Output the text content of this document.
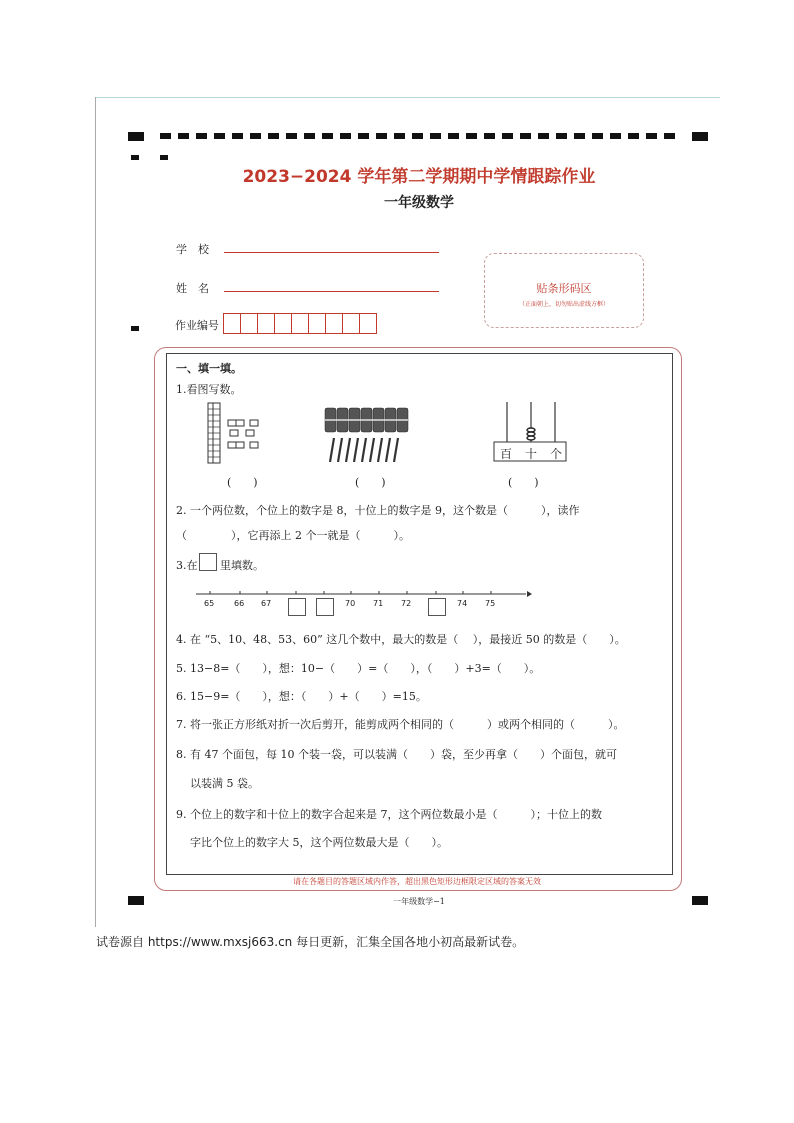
2023−2024 学年第二学期期中学情跟踪作业
一年级数学
学　校
姓　名
作业编号
贴条形码区
（正面朝上，切勿贴出虚线方框）
一、填一填。
1.看图写数。
百 十 个
(　　)	(　　)	(　　)
2. 一个两位数，个位上的数字是 8，十位上的数字是 9，这个数是（　　　），读作
（　　　　），它再添上 2 个一就是（　　　）。
3.在 里填数。
65 66 67	70 71 72	74 75
4. 在 “5、10、48、53、60” 这几个数中，最大的数是（　 ），最接近 50 的数是（　　）。
5. 13−8=（　　），想：10−（　　）=（　　），（　　）+3=（　　）。
6. 15−9=（　　），想：（　　）+（　　）=15。
7. 将一张正方形纸对折一次后剪开，能剪成两个相同的（　　　）或两个相同的（　　　）。
8. 有 47 个面包，每 10 个装一袋，可以装满（　　）袋，至少再拿（　　）个面包，就可
以装满 5 袋。
9. 个位上的数字和十位上的数字合起来是 7，这个两位数最小是（　　　）；十位上的数
字比个位上的数字大 5，这个两位数最大是（　　）。
请在各题目的答题区域内作答，超出黑色矩形边框限定区域的答案无效
一年级数学−1
试卷源自 https://www.mxsj663.cn 每日更新，汇集全国各地小初高最新试卷。
